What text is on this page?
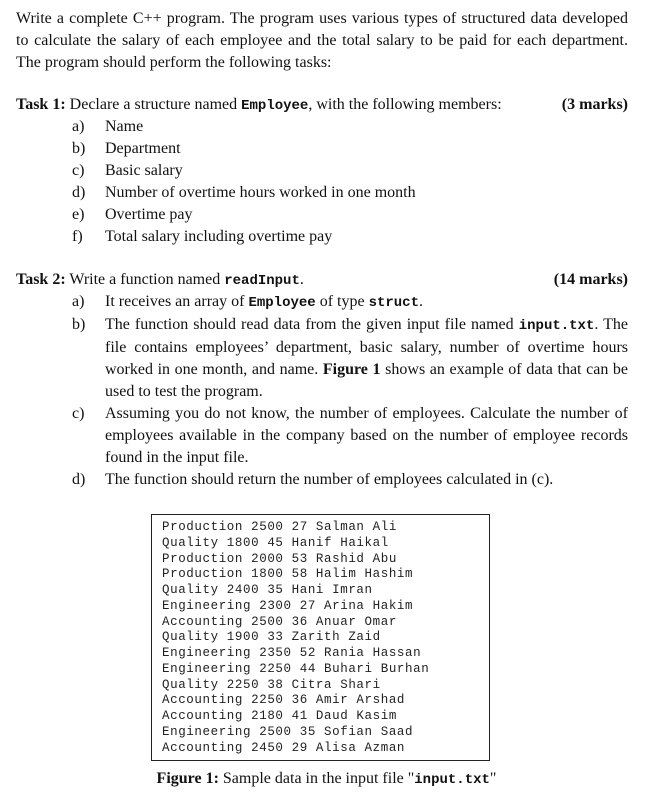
Write a complete C++ program. The program uses various types of structured data developed to calculate the salary of each employee and the total salary to be paid for each department. The program should perform the following tasks:
Task 1: Declare a structure named Employee, with the following members:	(3 marks)
a)	Name
b)	Department
c)	Basic salary
d)	Number of overtime hours worked in one month
e)	Overtime pay
f)	Total salary including overtime pay
Task 2: Write a function named readInput.	(14 marks)
a)	It receives an array of Employee of type struct.
b)	The function should read data from the given input file named input.txt. The file contains employees’ department, basic salary, number of overtime hours worked in one month, and name. Figure 1 shows an example of data that can be used to test the program.
c)	Assuming you do not know, the number of employees. Calculate the number of employees available in the company based on the number of employee records found in the input file.
d)	The function should return the number of employees calculated in (c).
Production 2500 27 Salman Ali
Quality 1800 45 Hanif Haikal
Production 2000 53 Rashid Abu
Production 1800 58 Halim Hashim
Quality 2400 35 Hani Imran
Engineering 2300 27 Arina Hakim
Accounting 2500 36 Anuar Omar
Quality 1900 33 Zarith Zaid
Engineering 2350 52 Rania Hassan
Engineering 2250 44 Buhari Burhan
Quality 2250 38 Citra Shari
Accounting 2250 36 Amir Arshad
Accounting 2180 41 Daud Kasim
Engineering 2500 35 Sofian Saad
Accounting 2450 29 Alisa Azman
Figure 1: Sample data in the input file "input.txt"
